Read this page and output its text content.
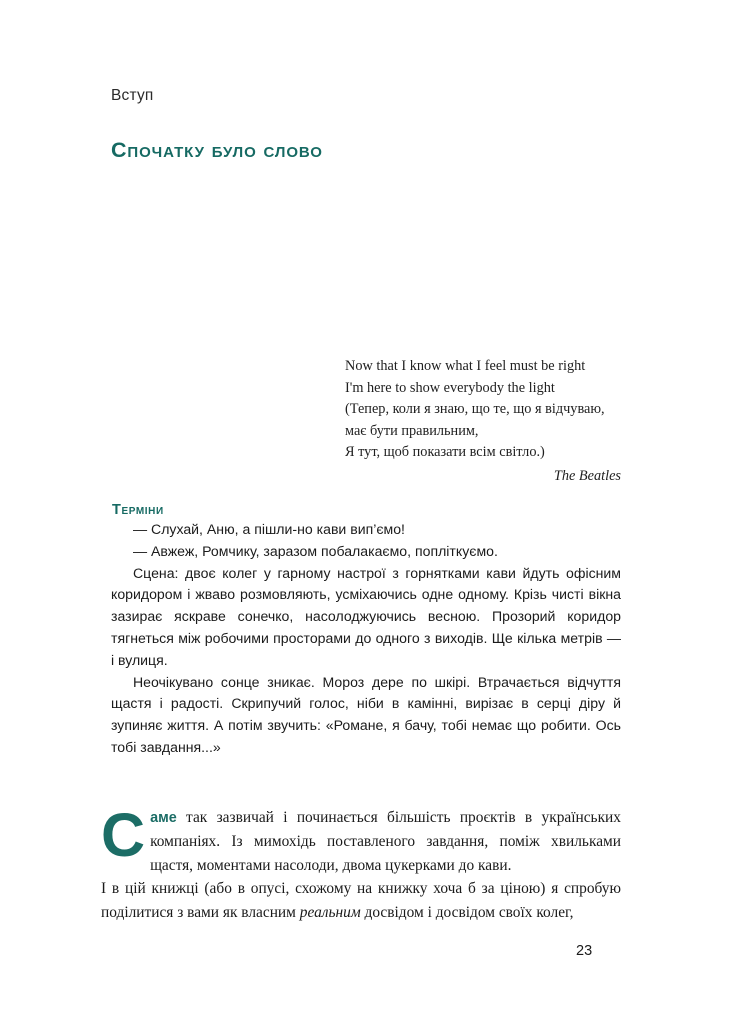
Вступ
Спочатку було слово
Now that I know what I feel must be right
I'm here to show everybody the light
(Тепер, коли я знаю, що те, що я відчуваю,
має бути правильним,
Я тут, щоб показати всім світло.)
The Beatles
Терміни
— Слухай, Аню, а пішли-но кави вип’ємо!
— Авжеж, Ромчику, заразом побалакаємо, попліткуємо.

Сцена: двоє колег у гарному настрої з горнятками кави йдуть офісним коридором і жваво розмовляють, усміхаючись одне одному. Крізь чисті вікна зазирає яскраве сонечко, насолоджуючись весною. Прозорий коридор тягнеться між робочими просторами до одного з виходів. Ще кілька метрів — і вулиця.

Неочікувано сонце зникає. Мороз дере по шкірі. Втрачається відчуття щастя і радості. Скрипучий голос, ніби в камінні, вирізає в серці діру й зупиняє життя. А потім звучить: «Романе, я бачу, тобі немає що робити. Ось тобі завдання...»

Саме так зазвичай і починається більшість проєктів в українських компаніях. Із мимохідь поставленого завдання, поміж хвильками щастя, моментами насолоди, двома цукерками до кави.

І в цій книжці (або в опусі, схожому на книжку хоча б за ціною) я спробую поділитися з вами як власним реальним досвідом і досвідом своїх колег,

23
